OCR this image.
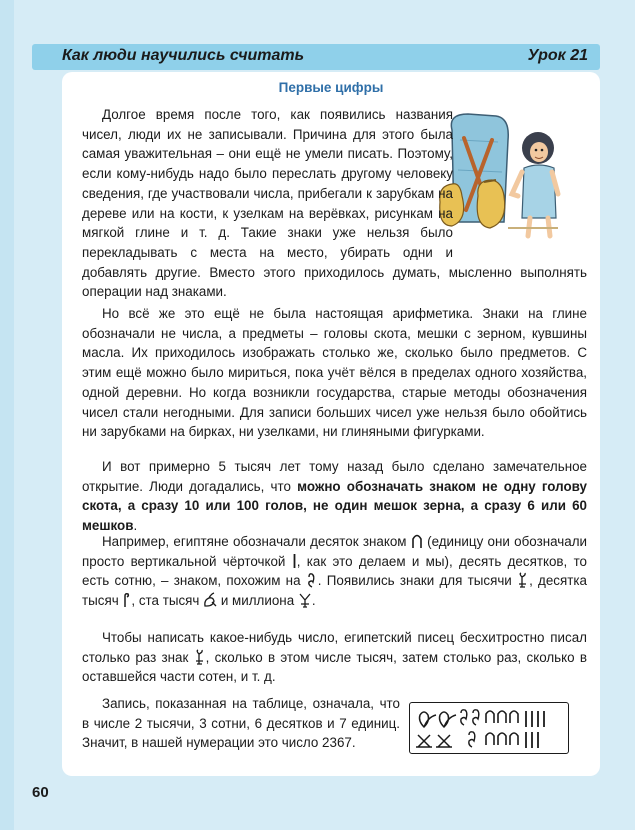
Как люди научились считать	Урок 21
Первые цифры

Долгое время после того, как появились названия чисел, люди их не записывали. Причина для этого была самая уважительная – они ещё не умели писать. Поэтому, если кому-нибудь надо было переслать другому человеку сведения, где участвовали числа, прибегали к зарубкам на дереве или на кости, к узелкам на верёвках, рисункам на мягкой глине и т. д. Такие знаки уже нельзя было перекладывать с места на место, убирать одни и добавлять другие. Вместо этого приходилось думать, мысленно выполнять операции над знаками.

Но всё же это ещё не была настоящая арифметика. Знаки на глине обозначали не числа, а предметы – головы скота, мешки с зерном, кувшины масла. Их приходилось изображать столько же, сколько было предметов. С этим ещё можно было мириться, пока учёт вёлся в пределах одного хозяйства, одной деревни. Но когда возникли государства, старые методы обозначения чисел стали негодными. Для записи больших чисел уже нельзя было обойтись ни зарубками на бирках, ни узелками, ни глиняными фигурками.

И вот примерно 5 тысяч лет тому назад было сделано замечательное открытие. Люди догадались, что можно обозначать знаком не одну голову скота, а сразу 10 или 100 голов, не один мешок зерна, а сразу 6 или 60 мешков.

Например, египтяне обозначали десяток знаком (единицу они обозначали просто вертикальной чёрточкой , как это делаем и мы), десять десятков, то есть сотню, – знаком, похожим на . Появились знаки для тысячи , десятка тысяч , ста тысяч и миллиона .

Чтобы написать какое-нибудь число, египетский писец бесхитростно писал столько раз знак , сколько в этом числе тысяч, затем столько раз, сколько в оставшейся части сотен, и т. д.

Запись, показанная на таблице, означала, что в числе 2 тысячи, 3 сотни, 6 десятков и 7 единиц. Значит, в нашей нумерации это число 2367.

60
